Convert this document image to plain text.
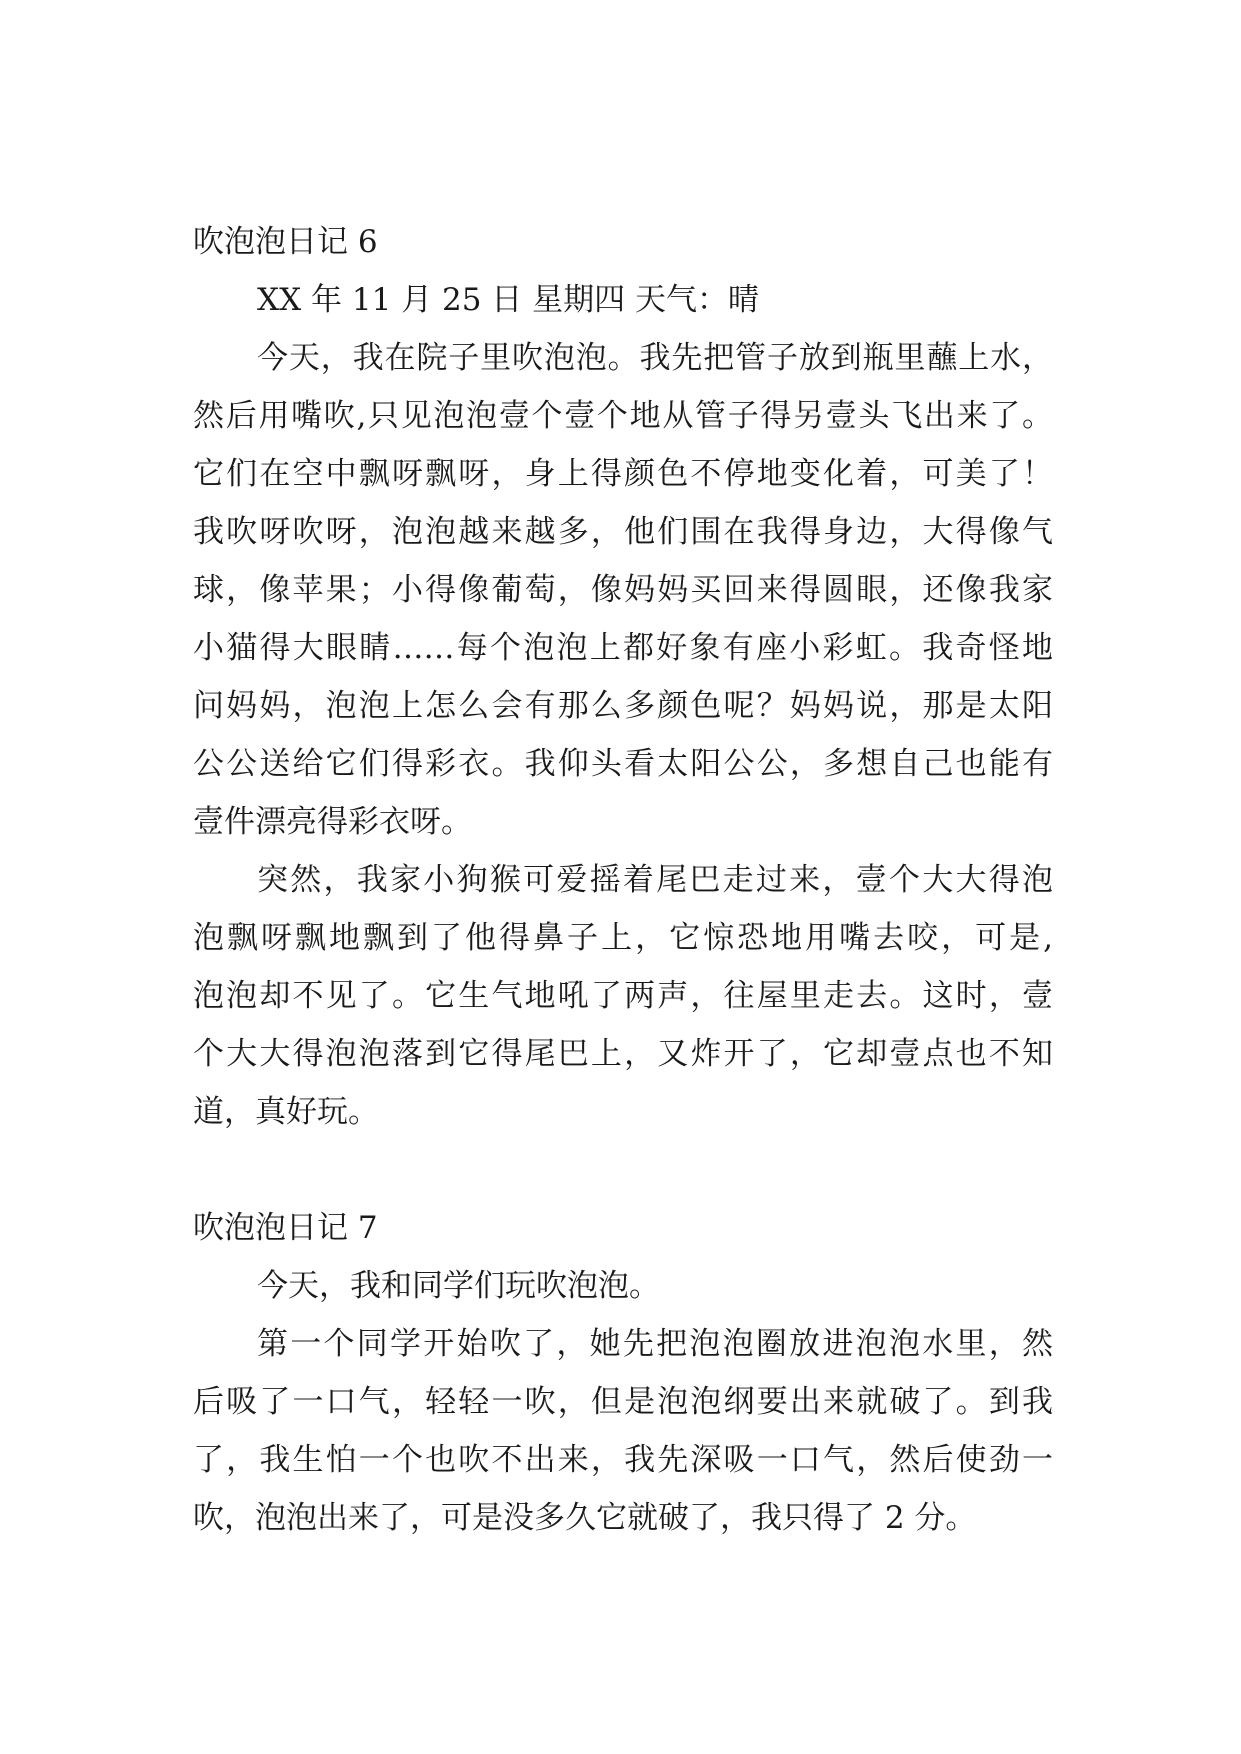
吹泡泡日记 6
XX 年 11 月 25 日 星期四 天气：晴
今天，我在院子里吹泡泡。我先把管子放到瓶里蘸上水，
然后用嘴吹,只见泡泡壹个壹个地从管子得另壹头飞出来了。
它们在空中飘呀飘呀，身上得颜色不停地变化着，可美了！
我吹呀吹呀，泡泡越来越多，他们围在我得身边，大得像气
球，像苹果；小得像葡萄，像妈妈买回来得圆眼，还像我家
小猫得大眼睛……每个泡泡上都好象有座小彩虹。我奇怪地
问妈妈，泡泡上怎么会有那么多颜色呢？妈妈说，那是太阳
公公送给它们得彩衣。我仰头看太阳公公，多想自己也能有
壹件漂亮得彩衣呀。
突然，我家小狗猴可爱摇着尾巴走过来，壹个大大得泡
泡飘呀飘地飘到了他得鼻子上，它惊恐地用嘴去咬，可是,
泡泡却不见了。它生气地吼了两声，往屋里走去。这时，壹
个大大得泡泡落到它得尾巴上，又炸开了，它却壹点也不知
道，真好玩。
吹泡泡日记 7
今天，我和同学们玩吹泡泡。
第一个同学开始吹了，她先把泡泡圈放进泡泡水里，然
后吸了一口气，轻轻一吹，但是泡泡纲要出来就破了。到我
了，我生怕一个也吹不出来，我先深吸一口气，然后使劲一
吹，泡泡出来了，可是没多久它就破了，我只得了 2 分。
